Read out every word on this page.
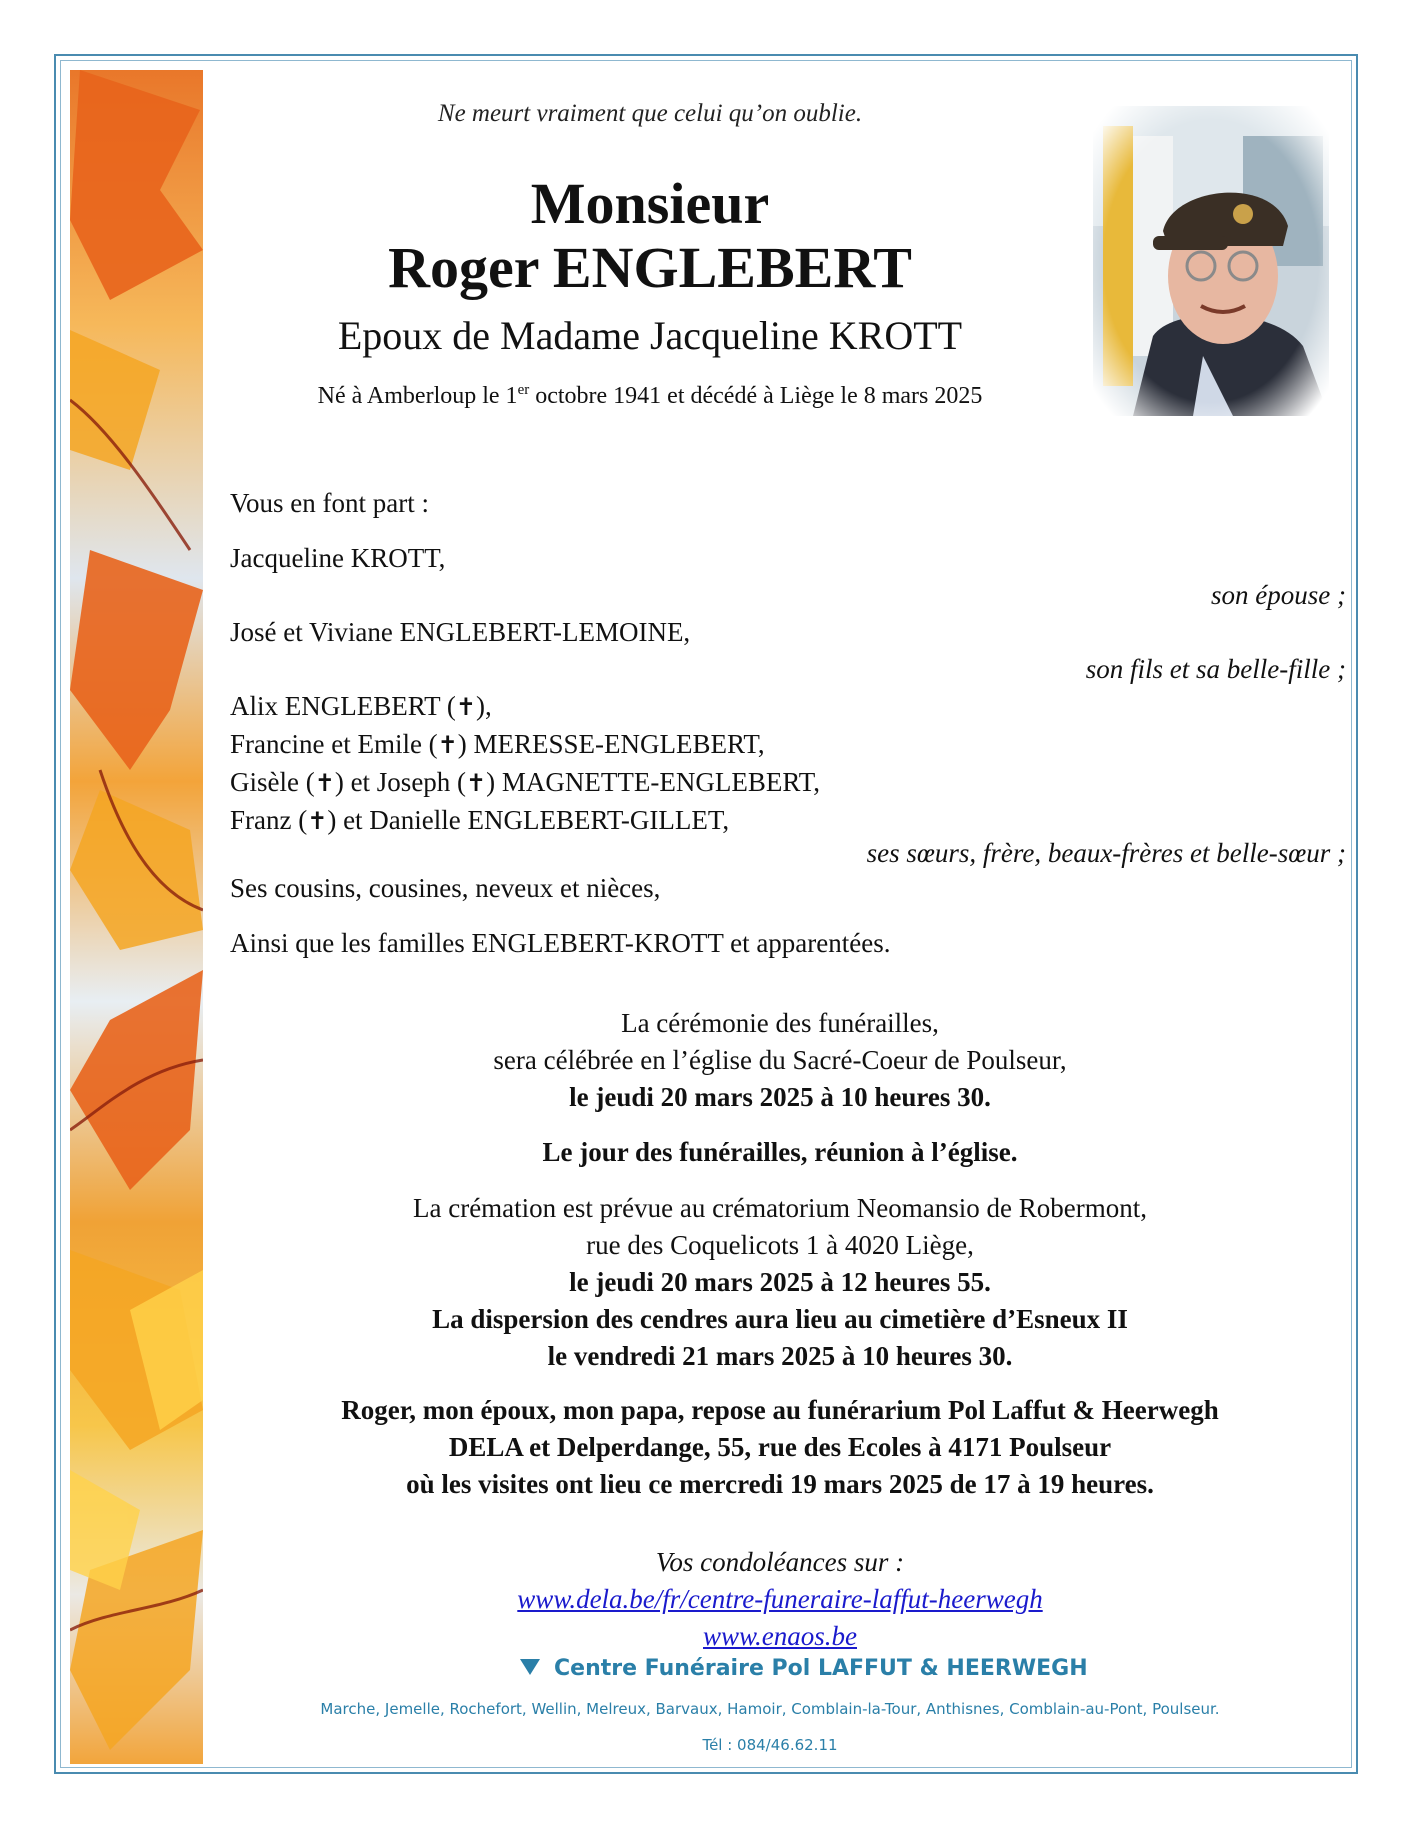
Ne meurt vraiment que celui qu’on oublie.
Monsieur
Roger ENGLEBERT
Epoux de Madame Jacqueline KROTT
Né à Amberloup le 1er octobre 1941 et décédé à Liège le 8 mars 2025
Vous en font part :
Jacqueline KROTT,
son épouse ;
José et Viviane ENGLEBERT-LEMOINE,
son fils et sa belle-fille ;
Alix ENGLEBERT (✝),
Francine et Emile (✝) MERESSE-ENGLEBERT,
Gisèle (✝) et Joseph (✝) MAGNETTE-ENGLEBERT,
Franz (✝) et Danielle ENGLEBERT-GILLET,
ses sœurs, frère, beaux-frères et belle-sœur ;
Ses cousins, cousines, neveux et nièces,
Ainsi que les familles ENGLEBERT-KROTT et apparentées.
La cérémonie des funérailles,
sera célébrée en l’église du Sacré-Coeur de Poulseur,
le jeudi 20 mars 2025 à 10 heures 30.
Le jour des funérailles, réunion à l’église.
La crémation est prévue au crématorium Neomansio de Robermont,
rue des Coquelicots 1 à 4020 Liège,
le jeudi 20 mars 2025 à 12 heures 55.
La dispersion des cendres aura lieu au cimetière d’Esneux II
le vendredi 21 mars 2025 à 10 heures 30.
Roger, mon époux, mon papa, repose au funérarium Pol Laffut & Heerwegh
DELA et Delperdange, 55, rue des Ecoles à 4171 Poulseur
où les visites ont lieu ce mercredi 19 mars 2025 de 17 à 19 heures.
Vos condoléances sur :
www.dela.be/fr/centre-funeraire-laffut-heerwegh
www.enaos.be
Centre Funéraire Pol LAFFUT & HEERWEGH
Marche, Jemelle, Rochefort, Wellin, Melreux, Barvaux, Hamoir, Comblain-la-Tour, Anthisnes, Comblain-au-Pont, Poulseur.
Tél : 084/46.62.11
